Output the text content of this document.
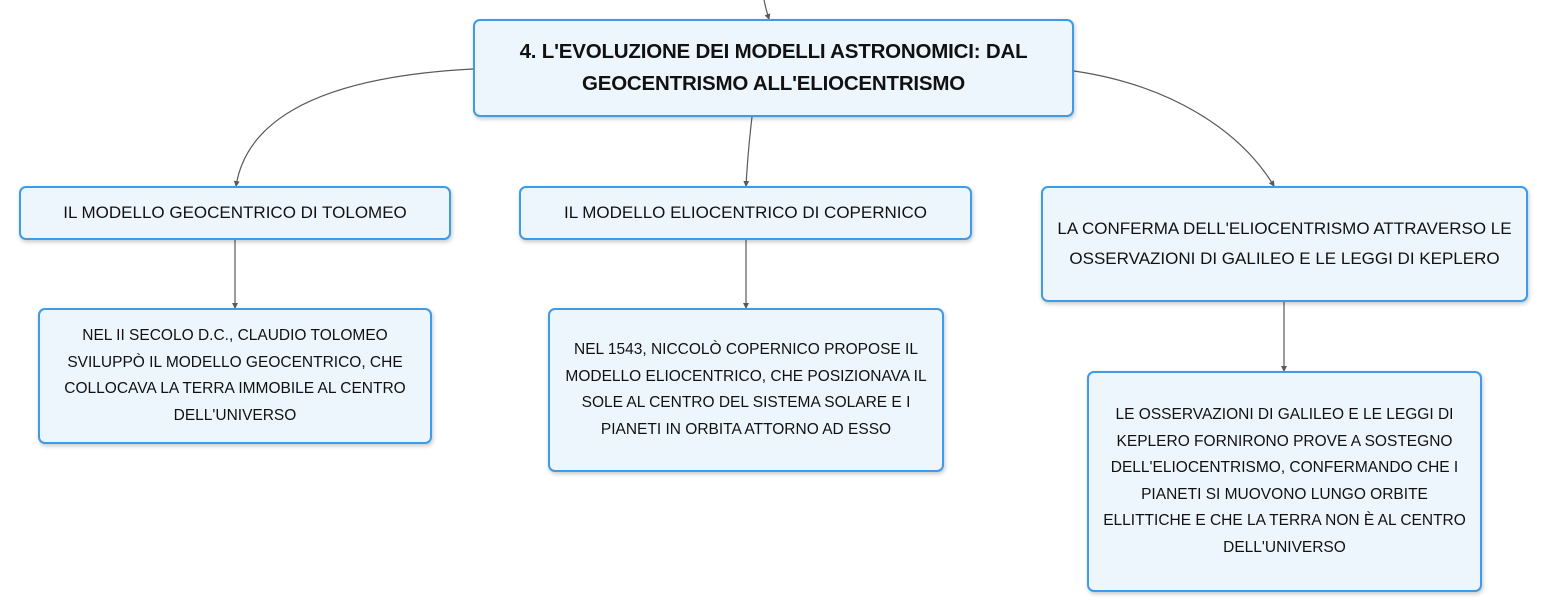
4. L'EVOLUZIONE DEI MODELLI ASTRONOMICI: DAL GEOCENTRISMO ALL'ELIOCENTRISMO
IL MODELLO GEOCENTRICO DI TOLOMEO	IL MODELLO ELIOCENTRICO DI COPERNICO
LA CONFERMA DELL'ELIOCENTRISMO ATTRAVERSO LE OSSERVAZIONI DI GALILEO E LE LEGGI DI KEPLERO
NEL II SECOLO D.C., CLAUDIO TOLOMEO SVILUPPÒ IL MODELLO GEOCENTRICO, CHE COLLOCAVA LA TERRA IMMOBILE AL CENTRO DELL'UNIVERSO
NEL 1543, NICCOLÒ COPERNICO PROPOSE IL MODELLO ELIOCENTRICO, CHE POSIZIONAVA IL SOLE AL CENTRO DEL SISTEMA SOLARE E I PIANETI IN ORBITA ATTORNO AD ESSO
LE OSSERVAZIONI DI GALILEO E LE LEGGI DI KEPLERO FORNIRONO PROVE A SOSTEGNO DELL'ELIOCENTRISMO, CONFERMANDO CHE I PIANETI SI MUOVONO LUNGO ORBITE ELLITTICHE E CHE LA TERRA NON È AL CENTRO DELL'UNIVERSO
